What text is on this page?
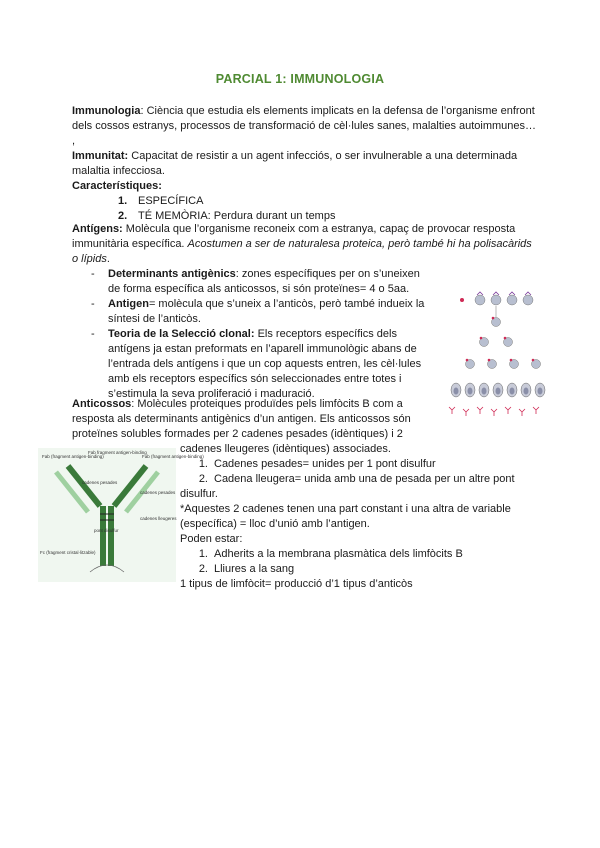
PARCIAL 1: IMMUNOLOGIA
Immunologia: Ciència que estudia els elements implicats en la defensa de l’organisme enfront
dels cossos estranys, processos de transformació de cèl·lules sanes, malalties autoimmunes… ,
Immunitat: Capacitat de resistir a un agent infecciós, o ser invulnerable a una determinada
malaltia infecciosa.
Característiques:
1. ESPECÍFICA
2. TÉ MEMÒRIA: Perdura durant un temps
Antígens: Molècula que l’organisme reconeix com a estranya, capaç de provocar resposta
immunitària específica. Acostumen a ser de naturalesa proteica, però també hi ha polisacàrids
o lípids.
- Determinants antigènics: zones específiques per on s’uneixen
de forma específica als anticossos, si són proteïnes= 4 o 5aa.
- Antigen= molècula que s’uneix a l’anticòs, però també indueix la
síntesi de l’anticòs.
- Teoria de la Selecció clonal: Els receptors específics dels
antígens ja estan preformats en l’aparell immunològic abans de
l’entrada dels antígens i que un cop aquests entren, les cèl·lules
amb els receptors específics són seleccionades entre totes i
s’estimula la seva proliferació i maduració.
Anticossos: Molècules proteiques produïdes pels limfòcits B com a
resposta als determinants antigènics d’un antigen. Els anticossos són
proteïnes solubles formades per 2 cadenes pesades (idèntiques) i 2
cadenes lleugeres (idèntiques) associades.
1. Cadenes pesades= unides per 1 pont disulfur
2. Cadena lleugera= unida amb una de pesada per un altre pont
disulfur.
*Aquestes 2 cadenes tenen una part constant i una altra de variable
(específica) = lloc d’unió amb l’antigen.
Poden estar:
1. Adherits a la membrana plasmàtica dels limfòcits B
2. Lliures a la sang
1 tipus de limfòcit= producció d’1 tipus d’anticòs
Fab (fragment antigen-binding)
Fab fragment antigen-binding
Fab (fragment antigen-binding)
cadenes pesades
cadenes pesades
cadenes lleugeres
pont disulfur
Fc (fragment cristal·litzable)
